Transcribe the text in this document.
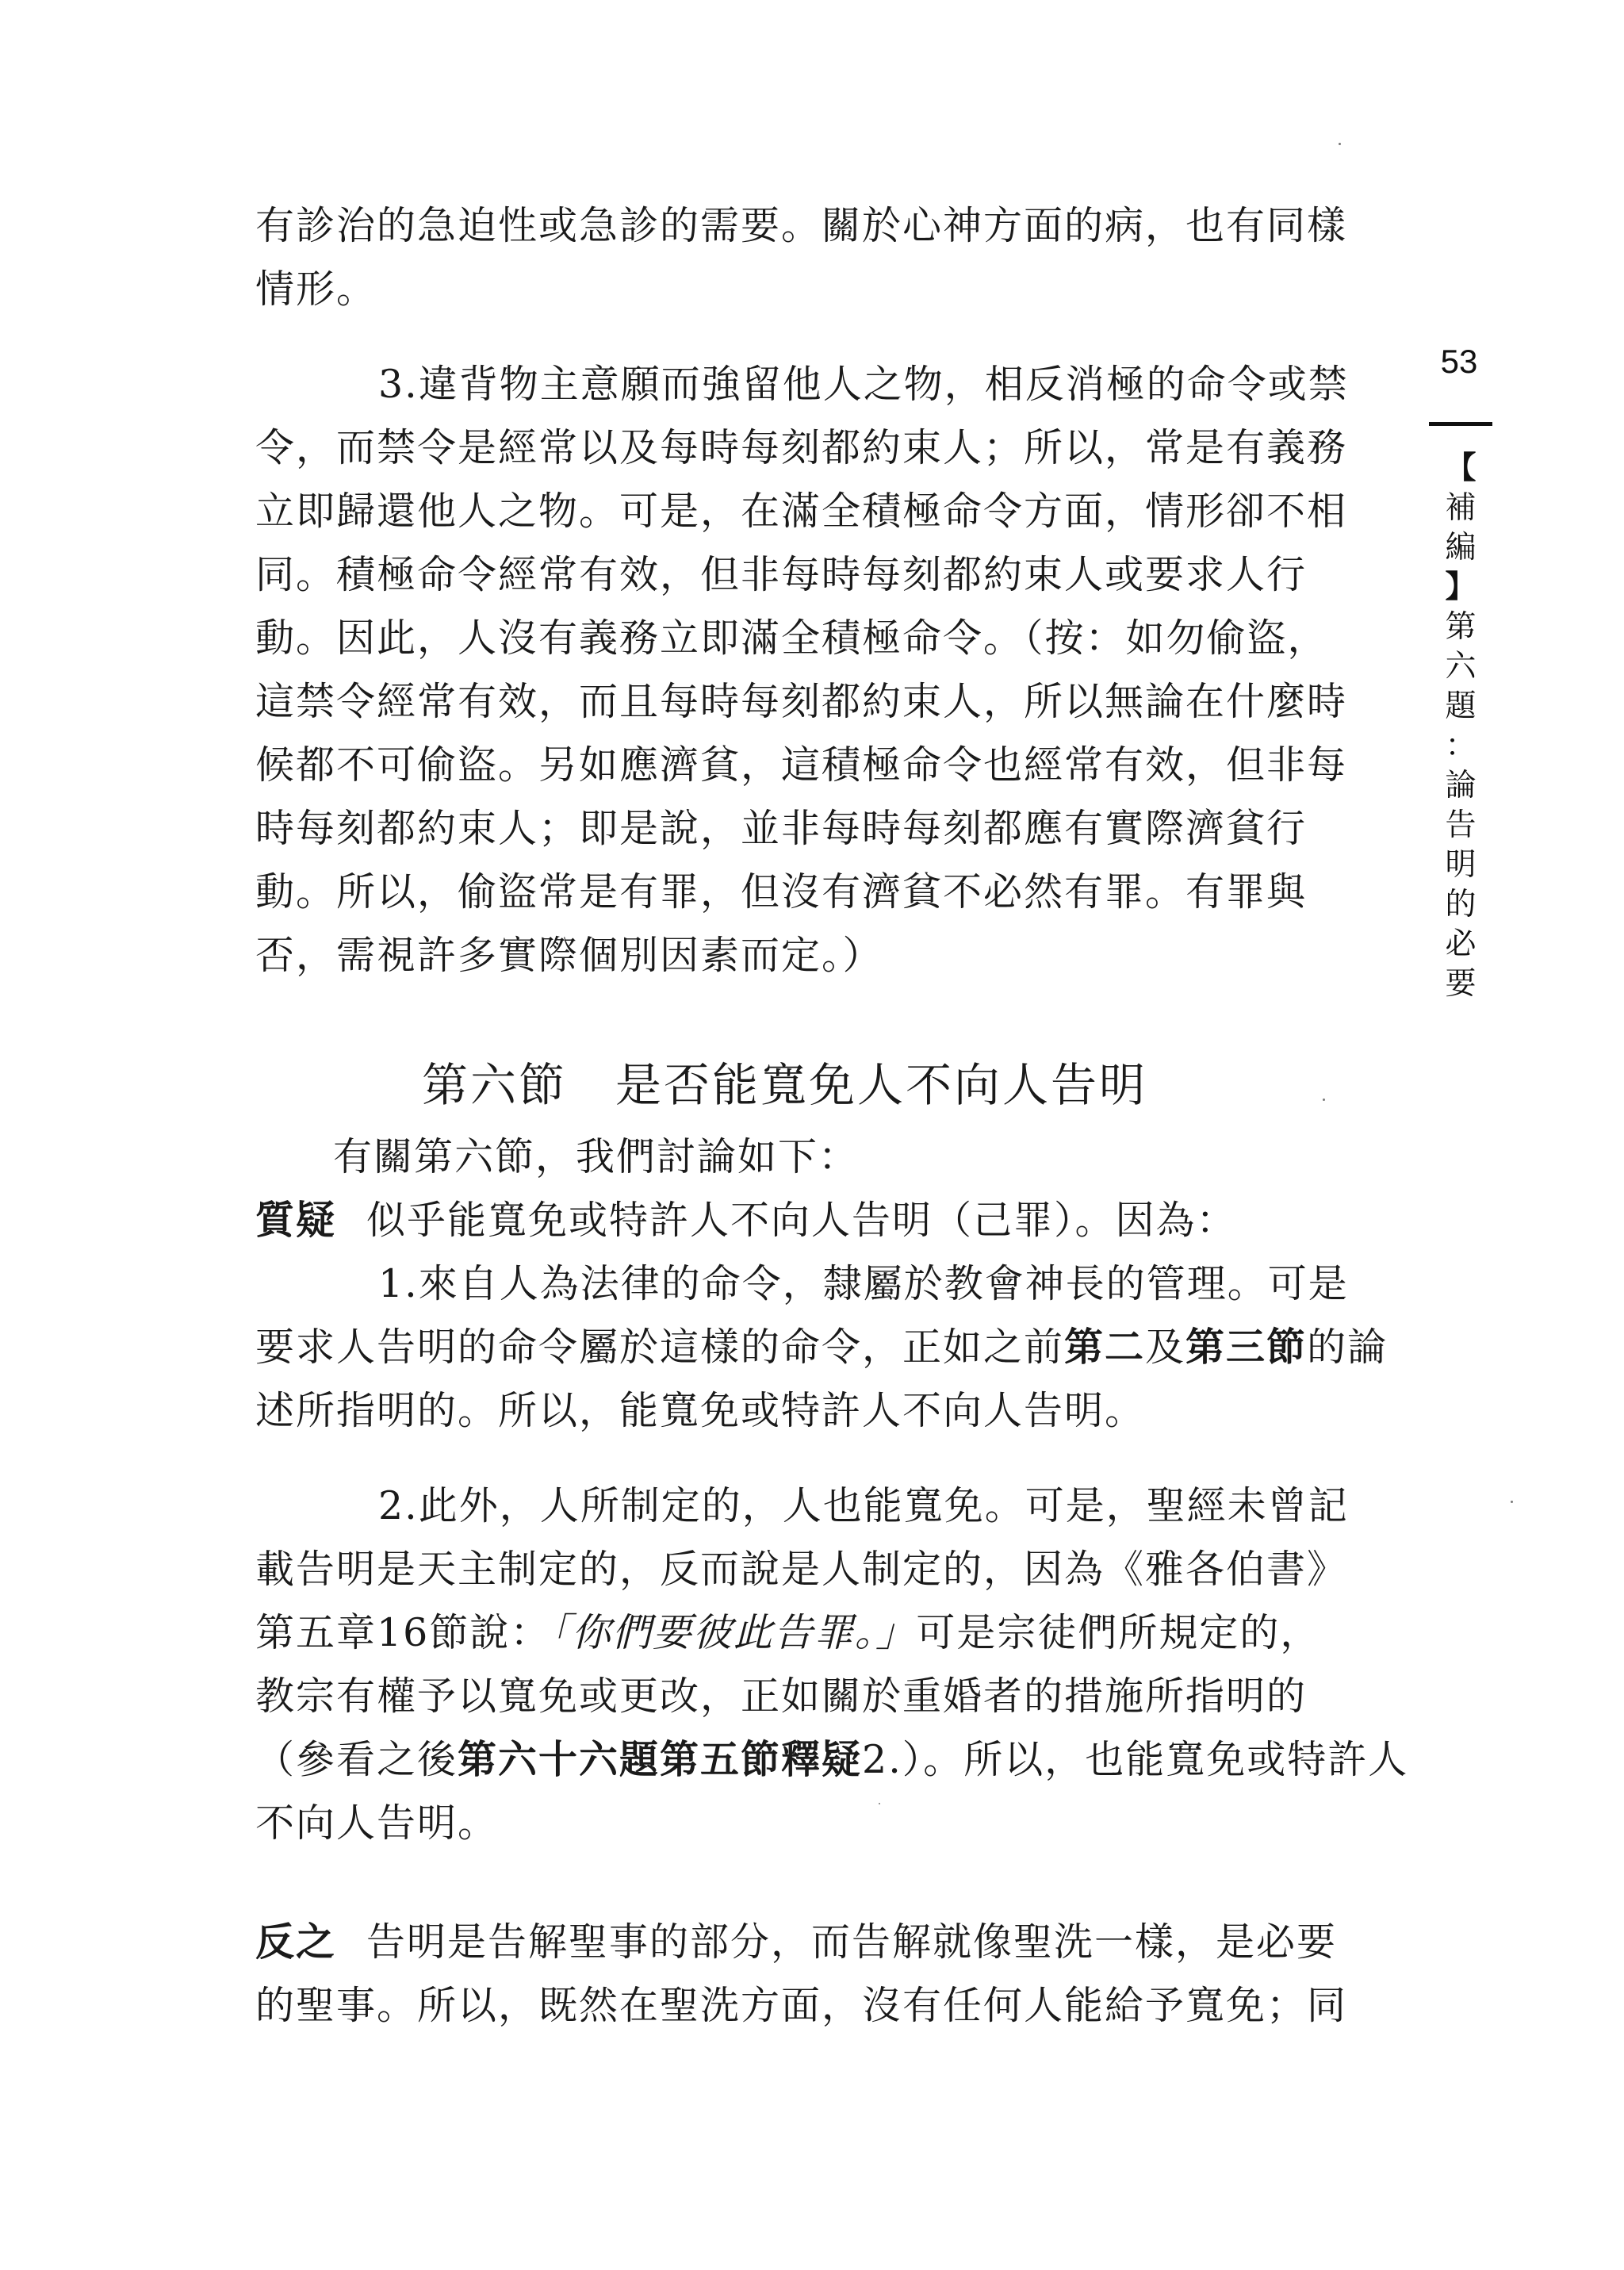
有診治的急迫性或急診的需要。關於心神方面的病，也有同樣
情形。
3.違背物主意願而強留他人之物，相反消極的命令或禁
令，而禁令是經常以及每時每刻都約束人；所以，常是有義務
立即歸還他人之物。可是，在滿全積極命令方面，情形卻不相
同。積極命令經常有效，但非每時每刻都約束人或要求人行
動。因此，人沒有義務立即滿全積極命令。（按：如勿偷盜，
這禁令經常有效，而且每時每刻都約束人，所以無論在什麼時
候都不可偷盜。另如應濟貧，這積極命令也經常有效，但非每
時每刻都約束人；即是說，並非每時每刻都應有實際濟貧行
動。所以，偷盜常是有罪，但沒有濟貧不必然有罪。有罪與
否，需視許多實際個別因素而定。）
第六節　是否能寬免人不向人告明
有關第六節，我們討論如下：
質疑 似乎能寬免或特許人不向人告明（己罪）。因為：
1.來自人為法律的命令，隸屬於教會神長的管理。可是
要求人告明的命令屬於這樣的命令，正如之前第二及第三節的論
述所指明的。所以，能寬免或特許人不向人告明。
2.此外，人所制定的，人也能寬免。可是，聖經未曾記
載告明是天主制定的，反而說是人制定的，因為《雅各伯書》
第五章16節說：「你們要彼此告罪。」可是宗徒們所規定的，
教宗有權予以寬免或更改，正如關於重婚者的措施所指明的
（參看之後第六十六題第五節釋疑2.）。所以，也能寬免或特許人
不向人告明。
反之 告明是告解聖事的部分，而告解就像聖洗一樣，是必要
的聖事。所以，既然在聖洗方面，沒有任何人能給予寬免；同
53
【
補
編
】
第
六
題
：
論
告
明
的
必
要
